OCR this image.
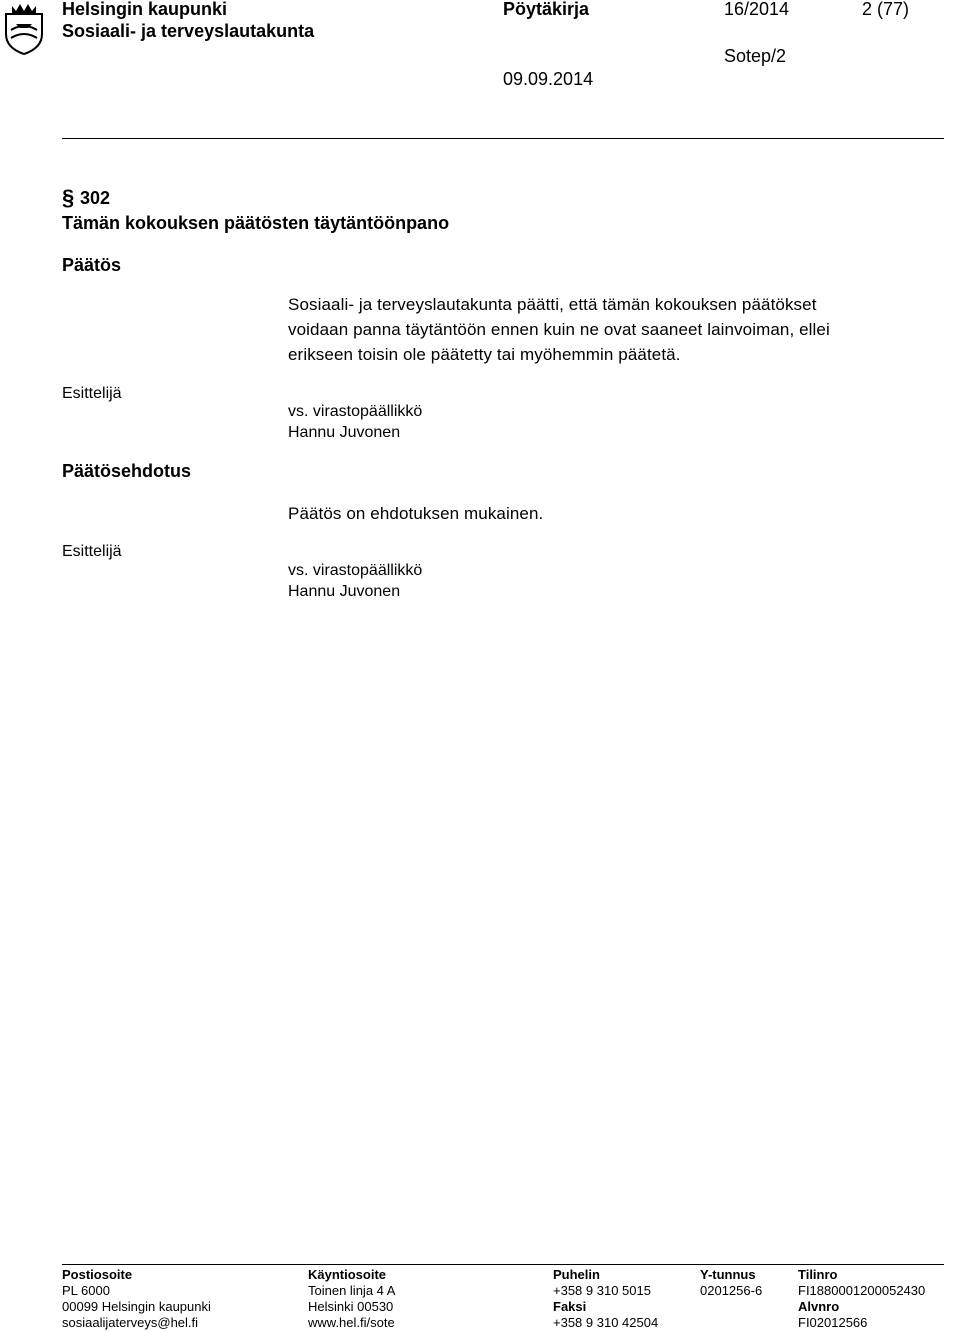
Helsingin kaupunki
Sosiaali- ja terveyslautakunta
Pöytäkirja	16/2014	2 (77)
Sotep/2
09.09.2014
§ 302
Tämän kokouksen päätösten täytäntöönpano
Päätös
Sosiaali- ja terveyslautakunta päätti, että tämän kokouksen päätökset
voidaan panna täytäntöön ennen kuin ne ovat saaneet lainvoiman, ellei
erikseen toisin ole päätetty tai myöhemmin päätetä.
Esittelijä
vs. virastopäällikkö
Hannu Juvonen
Päätösehdotus
Päätös on ehdotuksen mukainen.
Esittelijä
vs. virastopäällikkö
Hannu Juvonen
Postiosoite
PL 6000
00099 Helsingin kaupunki
sosiaalijaterveys@hel.fi
Käyntiosoite
Toinen linja 4 A
Helsinki 00530
www.hel.fi/sote
Puhelin
+358 9 310 5015
Faksi
+358 9 310 42504
Y-tunnus
0201256-6
Tilinro
FI1880001200052430
Alvnro
FI02012566
